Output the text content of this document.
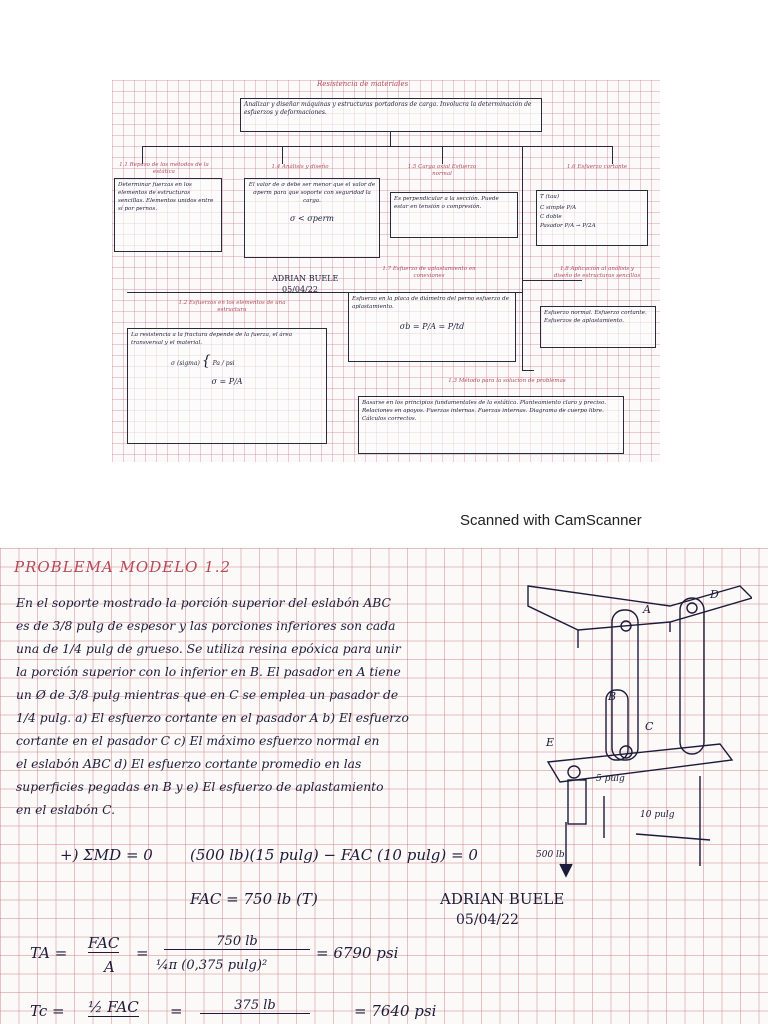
Resistencia de materiales
Analizar y diseñar máquinas y estructuras portadoras de carga. Involucra la determinación de esfuerzos y deformaciones.
1.1 Repaso de los métodos de la estática
Determinar fuerzas en los elementos de estructuras sencillas. Elementos unidos entre sí por pernos.
1.4 Análisis y diseño
El valor de σ debe ser menor que el valor de σperm para que soporte con seguridad la carga.
σ < σperm
1.5 Carga axial Esfuerzo normal
Es perpendicular a la sección. Puede estar en tensión o compresión.
1.6 Esfuerzo cortante
T (tau)
C simple P/A
C doble
Pasador P/A → P/2A
ADRIAN BUELE
05/04/22
1.2 Esfuerzos en los elementos de una estructura
La resistencia a la fractura depende de la fuerza, el área transversal y el material.
σ (sigma) { Pa / psi
σ = P/A
1.7 Esfuerzo de aplastamiento en conexiones
Esfuerzo en la placa de diámetro del perno esfuerzo de aplastamiento.
σb = P/A = P/td
1.8 Aplicación al análisis y diseño de estructuras sencillas
Esfuerzo normal. Esfuerzo cortante. Esfuerzos de aplastamiento.
1.3 Método para la solución de problemas
Basarse en los principios fundamentales de la estática. Planteamiento claro y preciso. Relaciones en apoyos. Fuerzas internas. Fuerzas internas. Diagrama de cuerpo libre. Cálculos correctos.
Scanned with CamScanner
PROBLEMA MODELO 1.2
En el soporte mostrado la porción superior del eslabón ABC
es de 3/8 pulg de espesor y las porciones inferiores son cada
una de 1/4 pulg de grueso. Se utiliza resina epóxica para unir
la porción superior con lo inferior en B. El pasador en A tiene
un Ø de 3/8 pulg mientras que en C se emplea un pasador de
1/4 pulg. a) El esfuerzo cortante en el pasador A b) El esfuerzo
cortante en el pasador C c) El máximo esfuerzo normal en
el eslabón ABC d) El esfuerzo cortante promedio en las
superficies pegadas en B y e) El esfuerzo de aplastamiento
en el eslabón C.
+) ΣMD = 0 (500 lb)(15 pulg) − FAC (10 pulg) = 0
FAC = 750 lb (T)	ADRIAN BUELE
05/04/22
TA =
FAC
A
=
750 lb
¼π (0,375 pulg)²
= 6790 psi
Tc = ½ FAC =	375 lb	= 7640 psi
A
D
B
C
E
5 pulg
10 pulg
500 lb
